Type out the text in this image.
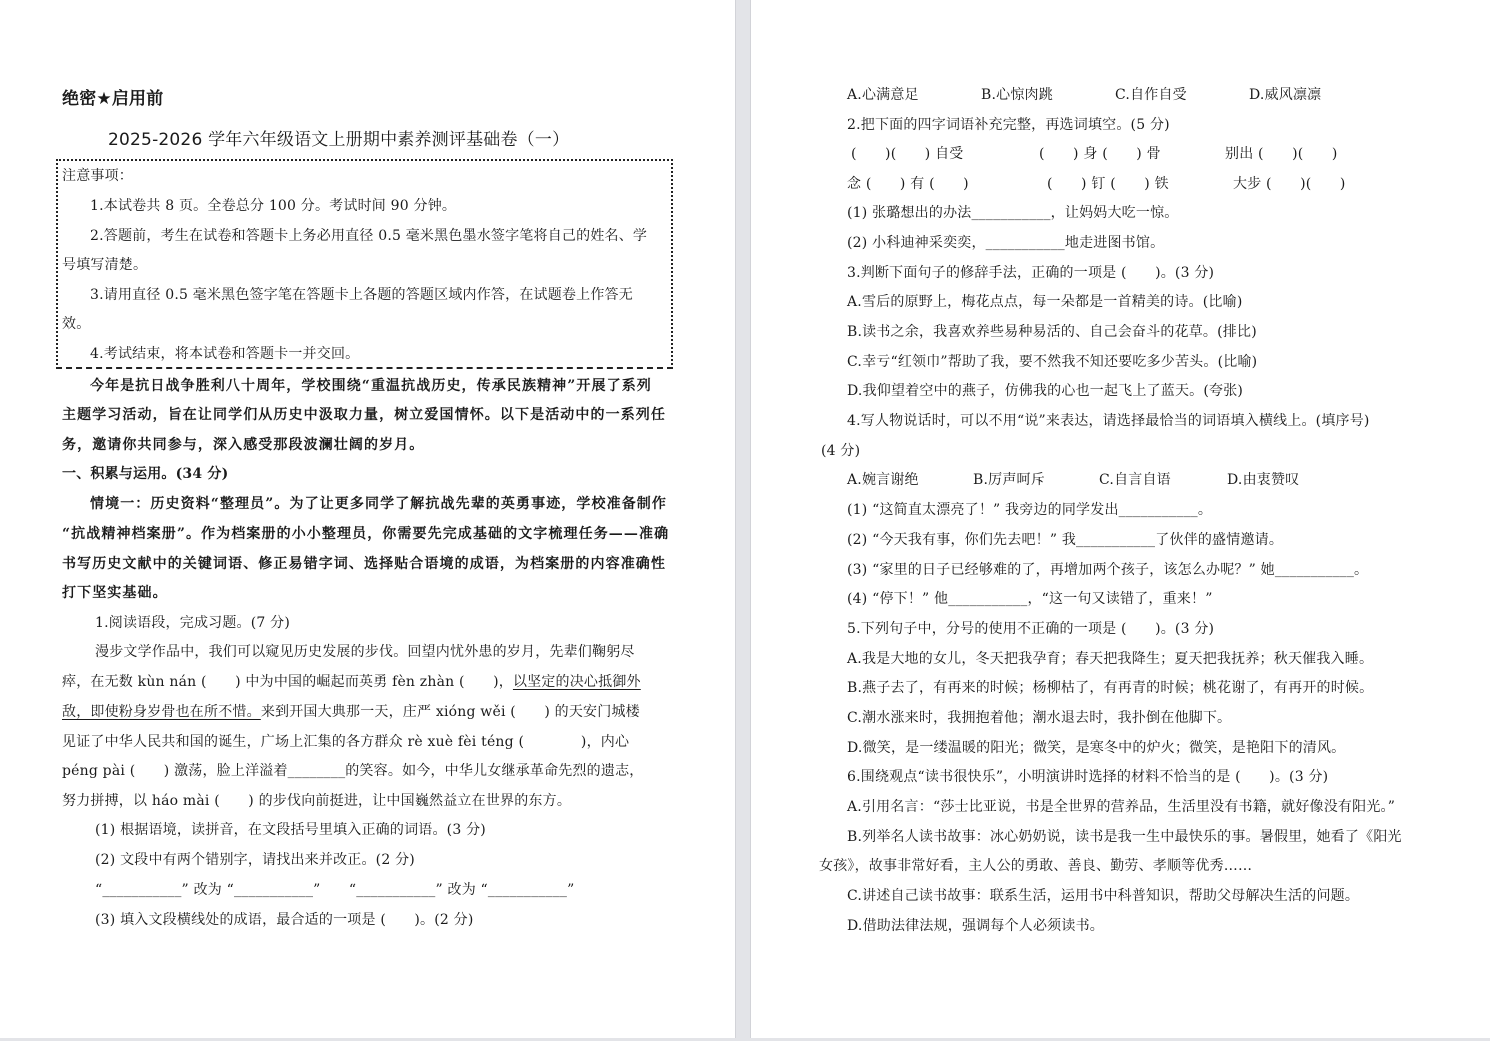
绝密★启用前
2025-2026 学年六年级语文上册期中素养测评基础卷（一）
注意事项：
1.本试卷共 8 页。全卷总分 100 分。考试时间 90 分钟。
2.答题前，考生在试卷和答题卡上务必用直径 0.5 毫米黑色墨水签字笔将自己的姓名、学
号填写清楚。
3.请用直径 0.5 毫米黑色签字笔在答题卡上各题的答题区域内作答，在试题卷上作答无
效。
4.考试结束，将本试卷和答题卡一并交回。
今年是抗日战争胜利八十周年，学校围绕“重温抗战历史，传承民族精神”开展了系列
主题学习活动，旨在让同学们从历史中汲取力量，树立爱国情怀。以下是活动中的一系列任
务，邀请你共同参与，深入感受那段波澜壮阔的岁月。
一、积累与运用。(34 分)
情境一：历史资料“整理员”。为了让更多同学了解抗战先辈的英勇事迹，学校准备制作
“抗战精神档案册”。作为档案册的小小整理员，你需要先完成基础的文字梳理任务——准确
书写历史文献中的关键词语、修正易错字词、选择贴合语境的成语，为档案册的内容准确性
打下坚实基础。
1.阅读语段，完成习题。(7 分)
漫步文学作品中，我们可以窥见历史发展的步伐。回望内忧外患的岁月，先辈们鞠躬尽
瘁，在无数 kùn nán (　　) 中为中国的崛起而英勇 fèn zhàn (　　)，以坚定的决心抵御外
敌，即使粉身岁骨也在所不惜。来到开国大典那一天，庄严 xióng wěi (　　) 的天安门城楼
见证了中华人民共和国的诞生，广场上汇集的各方群众 rè xuè fèi téng (　　　　)，内心
péng pài (　　) 激荡，脸上洋溢着________的笑容。如今，中华儿女继承革命先烈的遗志，
努力拼搏，以 háo mài (　　) 的步伐向前挺进，让中国巍然益立在世界的东方。
(1) 根据语境，读拼音，在文段括号里填入正确的词语。(3 分)
(2) 文段中有两个错别字，请找出来并改正。(2 分)
“___________” 改为 “___________”　　“___________” 改为 “___________”
(3) 填入文段横线处的成语，最合适的一项是 (　　)。(2 分)
A.心满意足	B.心惊肉跳	C.自作自受	D.威风凛凛
2.把下面的四字词语补充完整，再选词填空。(5 分)
(　　)(　　) 自受	(　　) 身 (　　) 骨	别出 (　　)(　　)
念 (　　) 有 (　　)	(　　) 钉 (　　) 铁	大步 (　　)(　　)
(1) 张璐想出的办法___________，让妈妈大吃一惊。
(2) 小科迪神采奕奕，___________地走进图书馆。
3.判断下面句子的修辞手法，正确的一项是 (　　)。(3 分)
A.雪后的原野上，梅花点点，每一朵都是一首精美的诗。(比喻)
B.读书之余，我喜欢养些易种易活的、自己会奋斗的花草。(排比)
C.幸亏“红领巾”帮助了我，要不然我不知还要吃多少苦头。(比喻)
D.我仰望着空中的燕子，仿佛我的心也一起飞上了蓝天。(夸张)
4.写人物说话时，可以不用“说”来表达，请选择最恰当的词语填入横线上。(填序号)
(4 分)
A.婉言谢绝	B.厉声呵斥	C.自言自语	D.由衷赞叹
(1) “这简直太漂亮了！” 我旁边的同学发出___________。
(2) “今天我有事，你们先去吧！” 我___________了伙伴的盛情邀请。
(3) “家里的日子已经够难的了，再增加两个孩子，该怎么办呢？” 她___________。
(4) “停下！” 他___________，“这一句又读错了，重来！”
5.下列句子中，分号的使用不正确的一项是 (　　)。(3 分)
A.我是大地的女儿，冬天把我孕育；春天把我降生；夏天把我抚养；秋天催我入睡。
B.燕子去了，有再来的时候；杨柳枯了，有再青的时候；桃花谢了，有再开的时候。
C.潮水涨来时，我拥抱着他；潮水退去时，我扑倒在他脚下。
D.微笑，是一缕温暖的阳光；微笑，是寒冬中的炉火；微笑，是艳阳下的清风。
6.围绕观点“读书很快乐”，小明演讲时选择的材料不恰当的是 (　　)。(3 分)
A.引用名言：“莎士比亚说，书是全世界的营养品，生活里没有书籍，就好像没有阳光。”
B.列举名人读书故事：冰心奶奶说，读书是我一生中最快乐的事。暑假里，她看了《阳光
女孩》，故事非常好看，主人公的勇敢、善良、勤劳、孝顺等优秀……
C.讲述自己读书故事：联系生活，运用书中科普知识，帮助父母解决生活的问题。
D.借助法律法规，强调每个人必须读书。
